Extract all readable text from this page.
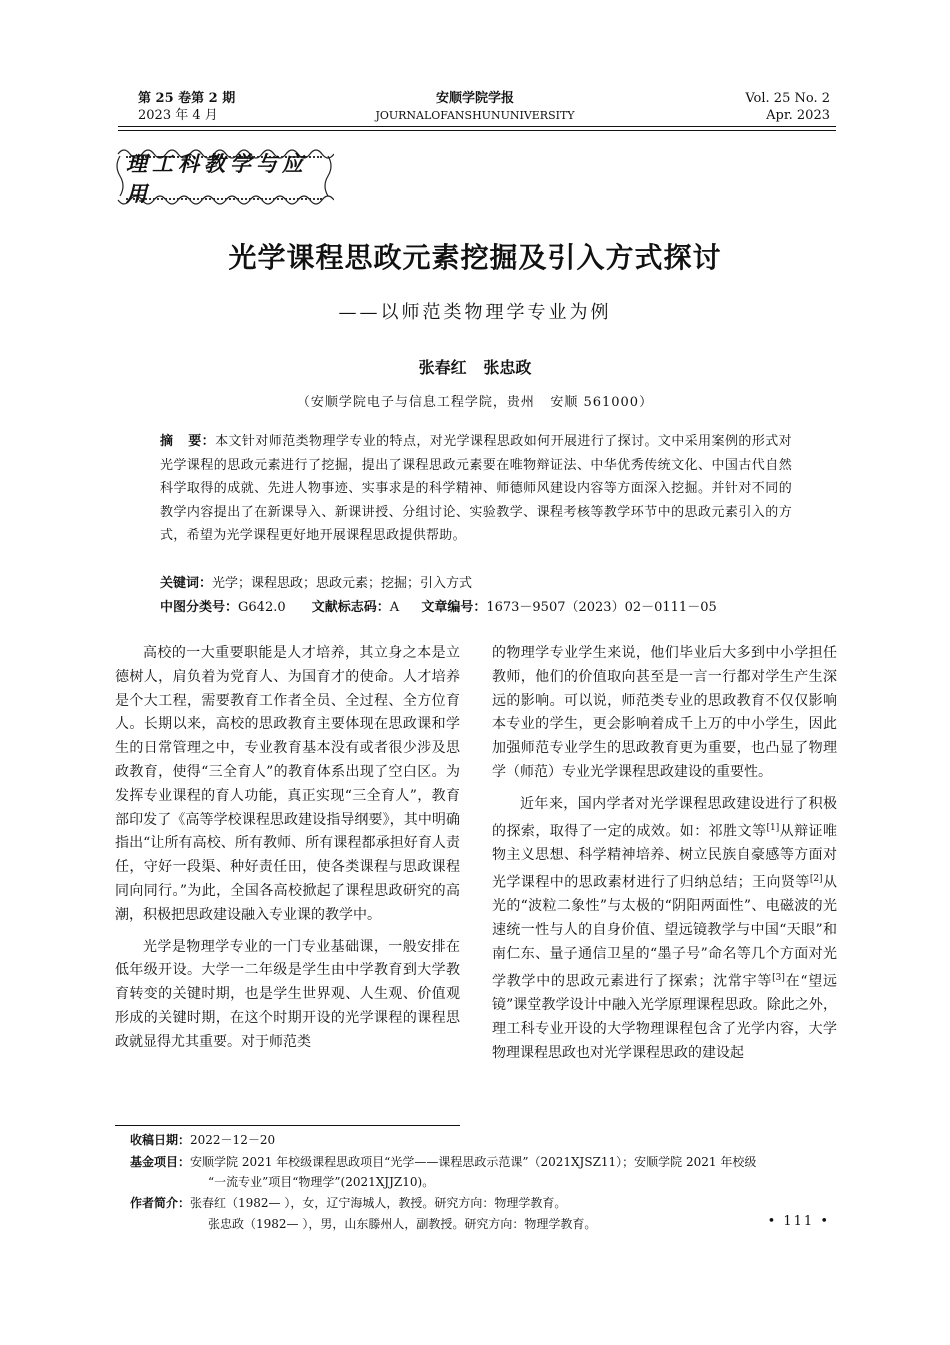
第 25 卷第 2 期
2023 年 4 月
安顺学院学报
JOURNALOFANSHUNUNIVERSITY
Vol. 25 No. 2
Apr. 2023
理工科教学与应用
光学课程思政元素挖掘及引入方式探讨
——以师范类物理学专业为例
张春红   张忠政
（安顺学院电子与信息工程学院，贵州   安顺 561000）
摘   要：本文针对师范类物理学专业的特点，对光学课程思政如何开展进行了探讨。文中采用案例的形式对光学课程的思政元素进行了挖掘，提出了课程思政元素要在唯物辩证法、中华优秀传统文化、中国古代自然科学取得的成就、先进人物事迹、实事求是的科学精神、师德师风建设内容等方面深入挖掘。并针对不同的教学内容提出了在新课导入、新课讲授、分组讨论、实验教学、课程考核等教学环节中的思政元素引入的方式，希望为光学课程更好地开展课程思政提供帮助。
关键词：光学；课程思政；思政元素；挖掘；引入方式
中图分类号：G642.0 文献标志码：A 文章编号：1673－9507（2023）02－0111－05

高校的一大重要职能是人才培养，其立身之本是立德树人，肩负着为党育人、为国育才的使命。人才培养是个大工程，需要教育工作者全员、全过程、全方位育人。长期以来，高校的思政教育主要体现在思政课和学生的日常管理之中，专业教育基本没有或者很少涉及思政教育，使得“三全育人”的教育体系出现了空白区。为发挥专业课程的育人功能，真正实现“三全育人”，教育部印发了《高等学校课程思政建设指导纲要》，其中明确指出“让所有高校、所有教师、所有课程都承担好育人责任，守好一段渠、种好责任田，使各类课程与思政课程同向同行。”为此，全国各高校掀起了课程思政研究的高潮，积极把思政建设融入专业课的教学中。

光学是物理学专业的一门专业基础课，一般安排在低年级开设。大学一二年级是学生由中学教育到大学教育转变的关键时期，也是学生世界观、人生观、价值观形成的关键时期，在这个时期开设的光学课程的课程思政就显得尤其重要。对于师范类

的物理学专业学生来说，他们毕业后大多到中小学担任教师，他们的价值取向甚至是一言一行都对学生产生深远的影响。可以说，师范类专业的思政教育不仅仅影响本专业的学生，更会影响着成千上万的中小学生，因此加强师范专业学生的思政教育更为重要，也凸显了物理学（师范）专业光学课程思政建设的重要性。

近年来，国内学者对光学课程思政建设进行了积极的探索，取得了一定的成效。如：祁胜文等[1]从辩证唯物主义思想、科学精神培养、树立民族自豪感等方面对光学课程中的思政素材进行了归纳总结；王向贤等[2]从光的“波粒二象性”与太极的“阴阳两面性”、电磁波的光速统一性与人的自身价值、望远镜教学与中国“天眼”和南仁东、量子通信卫星的“墨子号”命名等几个方面对光学教学中的思政元素进行了探索；沈常宇等[3]在“望远镜”课堂教学设计中融入光学原理课程思政。除此之外，理工科专业开设的大学物理课程包含了光学内容，大学物理课程思政也对光学课程思政的建设起

收稿日期：2022－12－20
基金项目：安顺学院 2021 年校级课程思政项目“光学——课程思政示范课”（2021XJSZ11）；安顺学院 2021 年校级
“一流专业”项目“物理学”(2021XJJZ10)。
作者简介：张春红（1982— ），女，辽宁海城人，教授。研究方向：物理学教育。
张忠政（1982— ），男，山东滕州人，副教授。研究方向：物理学教育。	• 111 •
